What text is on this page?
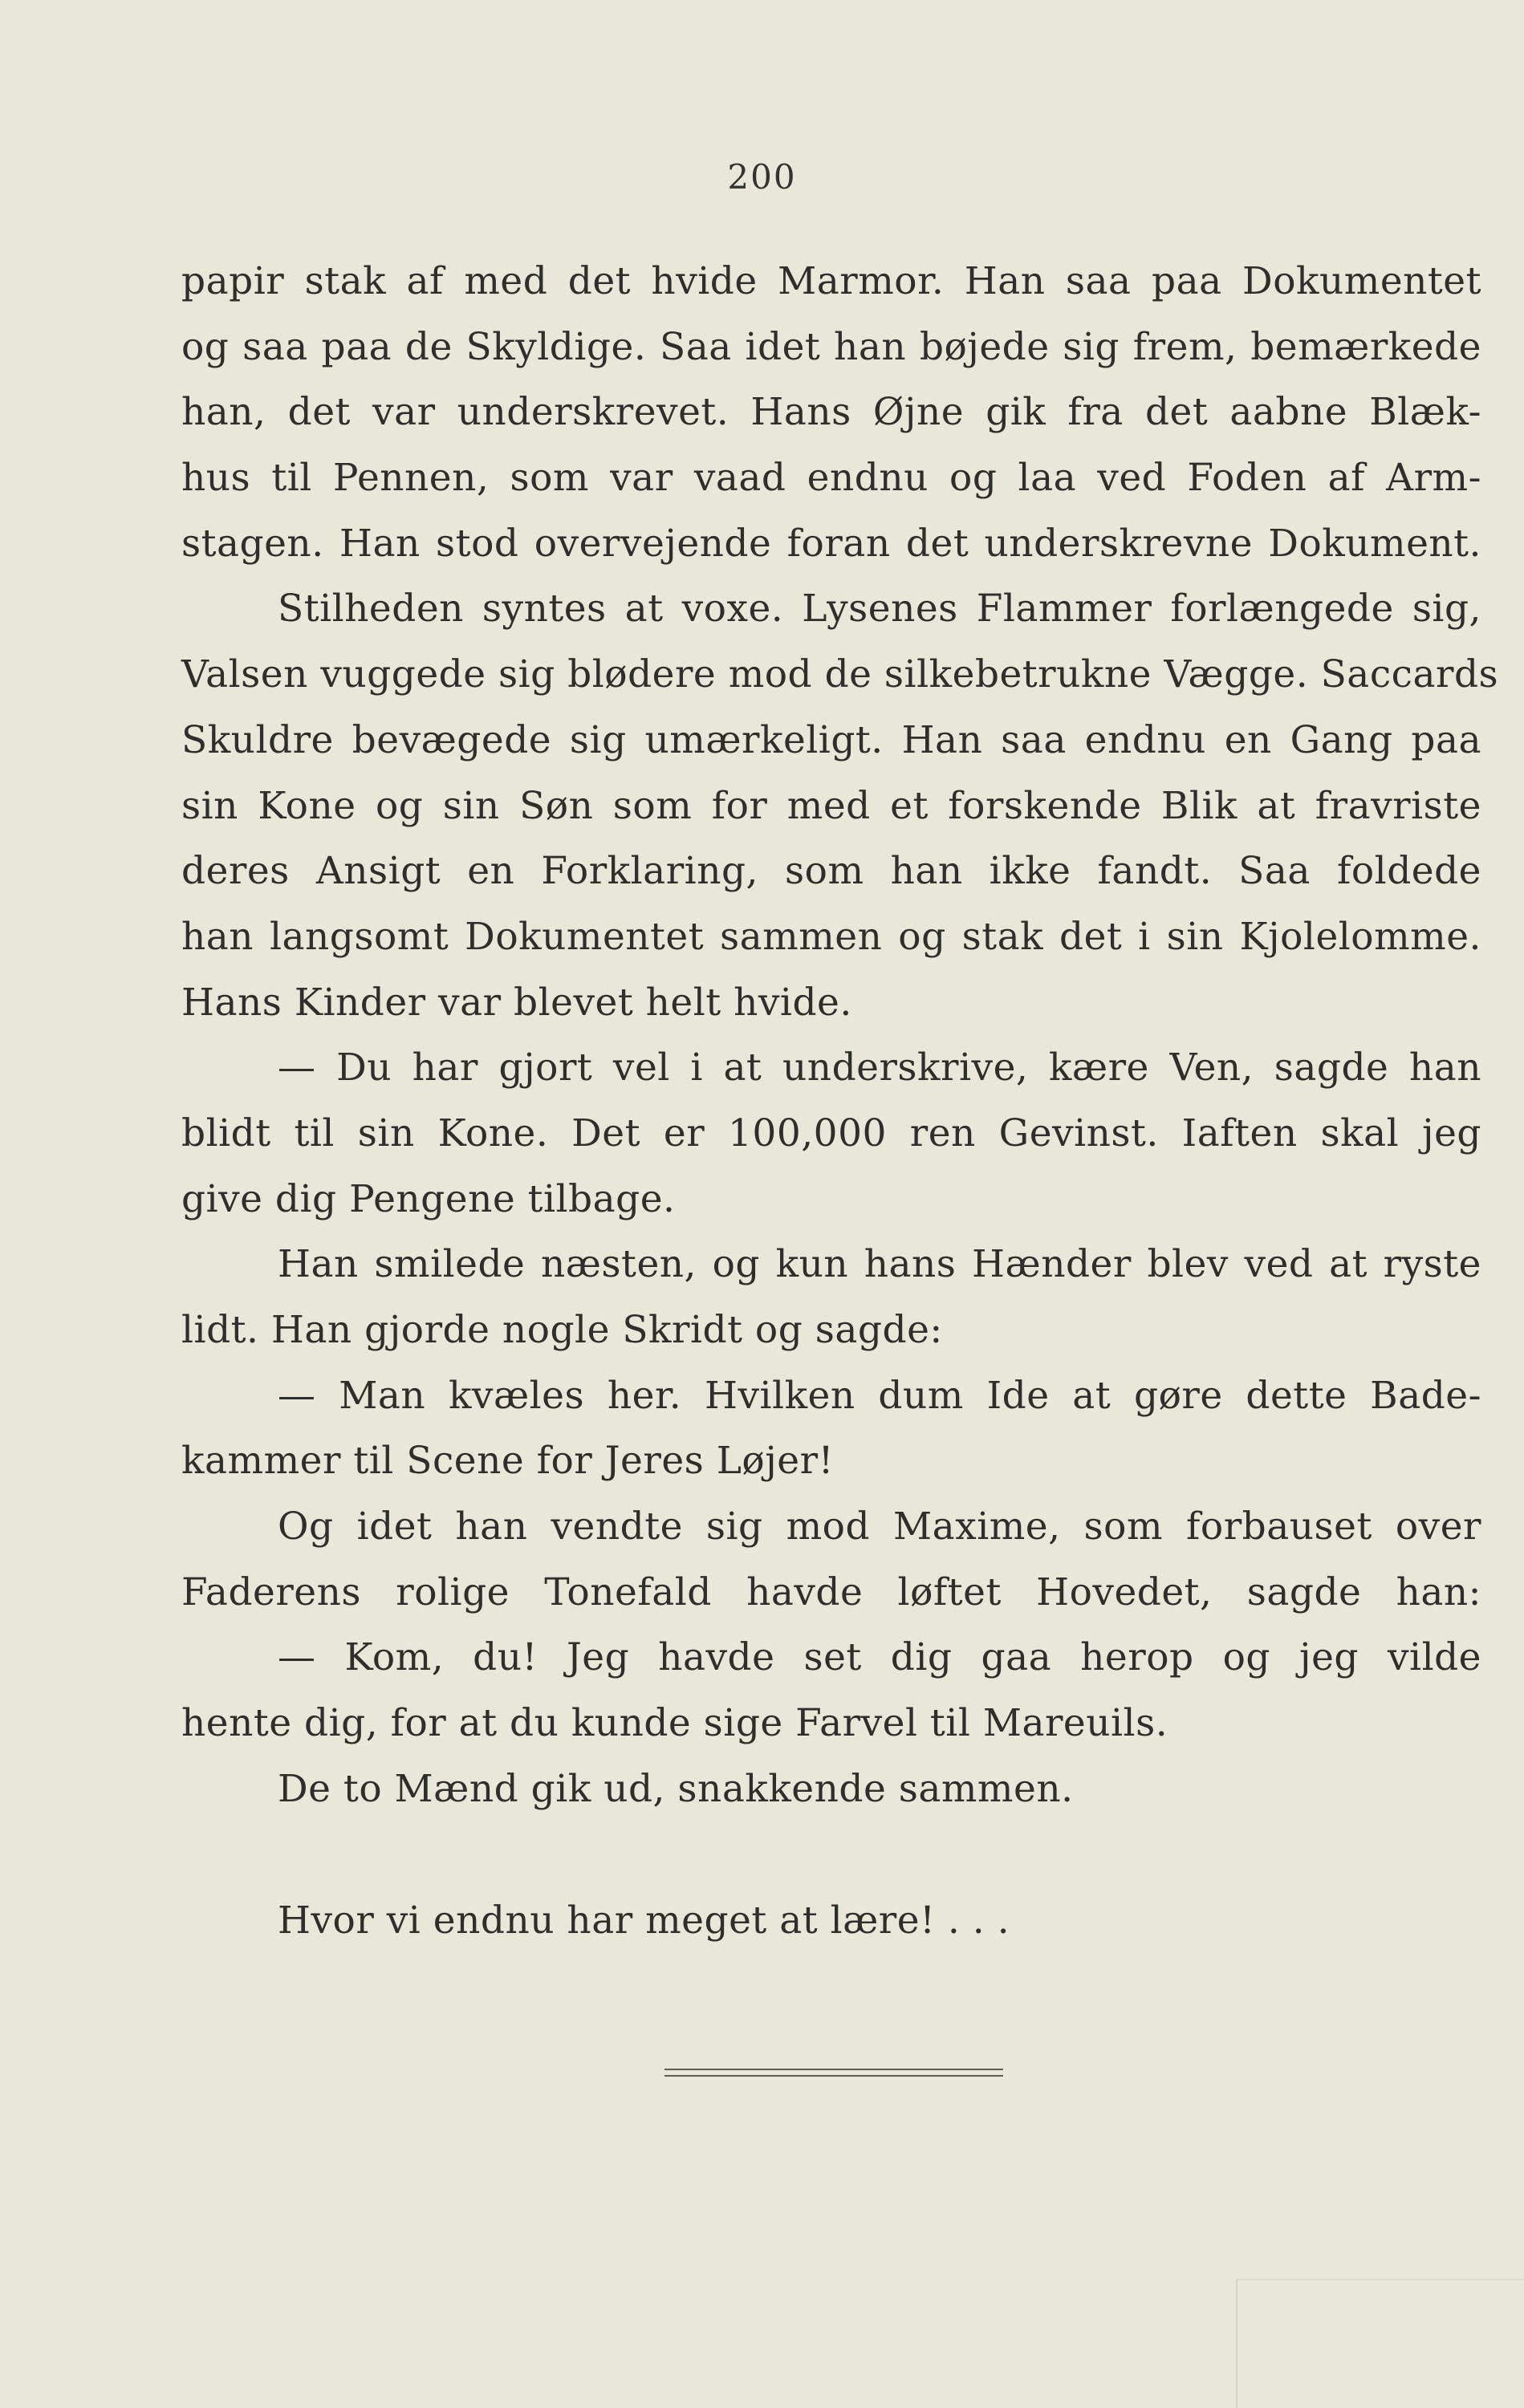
200
papir stak af med det hvide Marmor. Han saa paa Dokumentet
og saa paa de Skyldige. Saa idet han bøjede sig frem, bemærkede
han, det var underskrevet. Hans Øjne gik fra det aabne Blæk-
hus til Pennen, som var vaad endnu og laa ved Foden af Arm-
stagen. Han stod overvejende foran det underskrevne Dokument.
Stilheden syntes at voxe. Lysenes Flammer forlængede sig,
Valsen vuggede sig blødere mod de silkebetrukne Vægge. Saccards
Skuldre bevægede sig umærkeligt. Han saa endnu en Gang paa
sin Kone og sin Søn som for med et forskende Blik at fravriste
deres Ansigt en Forklaring, som han ikke fandt. Saa foldede
han langsomt Dokumentet sammen og stak det i sin Kjolelomme.
Hans Kinder var blevet helt hvide.
— Du har gjort vel i at underskrive, kære Ven, sagde han
blidt til sin Kone. Det er 100,000 ren Gevinst. Iaften skal jeg
give dig Pengene tilbage.
Han smilede næsten, og kun hans Hænder blev ved at ryste
lidt. Han gjorde nogle Skridt og sagde:
— Man kvæles her. Hvilken dum Ide at gøre dette Bade-
kammer til Scene for Jeres Løjer!
Og idet han vendte sig mod Maxime, som forbauset over
Faderens rolige Tonefald havde løftet Hovedet, sagde han:
— Kom, du! Jeg havde set dig gaa herop og jeg vilde
hente dig, for at du kunde sige Farvel til Mareuils.
De to Mænd gik ud, snakkende sammen.
Hvor vi endnu har meget at lære! . . .
